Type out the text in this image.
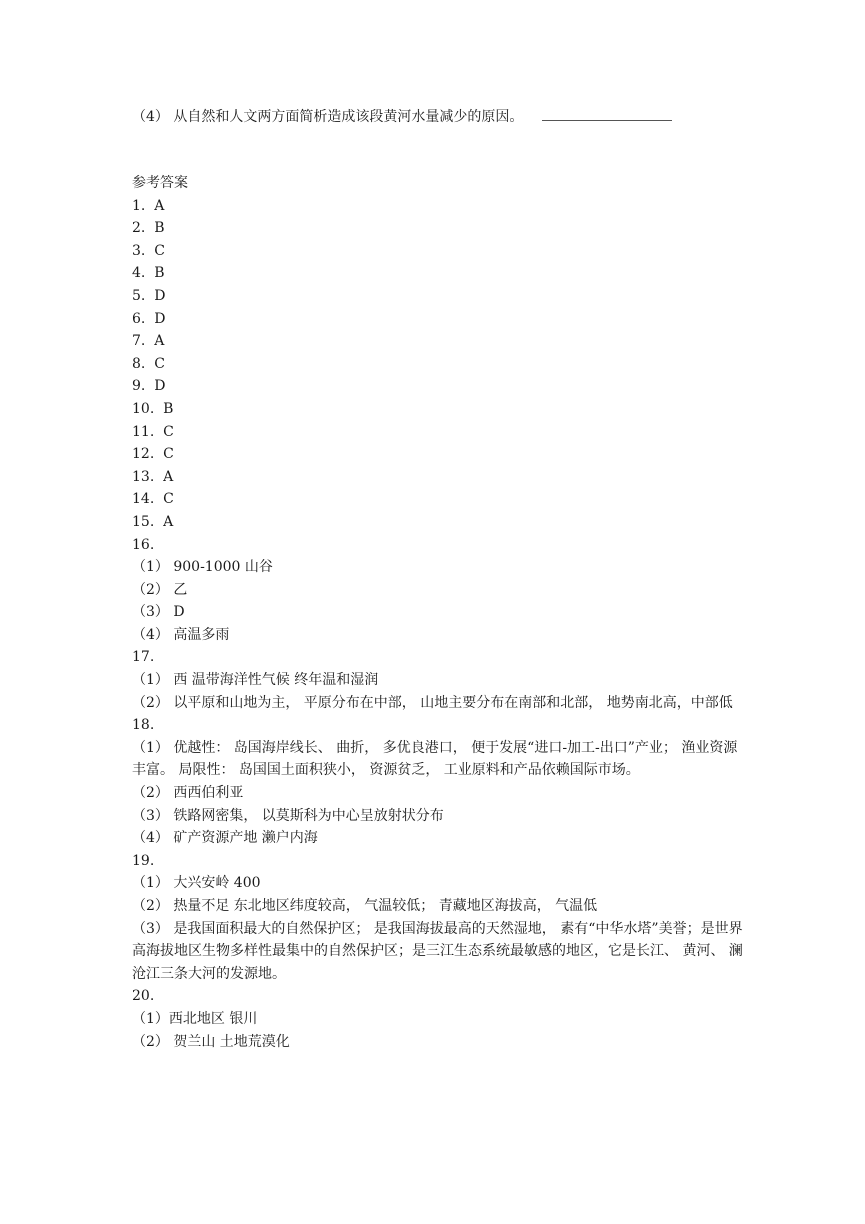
（4） 从自然和人文两方面简析造成该段黄河水量减少的原因。
参考答案
1.  A
2.  B
3.  C
4.  B
5.  D
6.  D
7.  A
8.  C
9.  D
10.  B
11.  C
12.  C
13.  A
14.  C
15.  A
16.
（1） 900-1000 山谷
（2） 乙
（3） D
（4） 高温多雨
17.
（1） 西 温带海洋性气候 终年温和湿润
（2） 以平原和山地为主， 平原分布在中部， 山地主要分布在南部和北部， 地势南北高，中部低
18.
（1） 优越性： 岛国海岸线长、 曲折， 多优良港口， 便于发展“进口-加工-出口”产业； 渔业资源丰富。 局限性： 岛国国土面积狭小， 资源贫乏， 工业原料和产品依赖国际市场。
（2） 西西伯利亚
（3） 铁路网密集， 以莫斯科为中心呈放射状分布
（4） 矿产资源产地 濑户内海
19.
（1） 大兴安岭 400
（2） 热量不足 东北地区纬度较高， 气温较低； 青藏地区海拔高， 气温低
（3） 是我国面积最大的自然保护区； 是我国海拔最高的天然湿地， 素有“中华水塔”美誉；是世界高海拔地区生物多样性最集中的自然保护区；是三江生态系统最敏感的地区，它是长江、 黄河、 澜沧江三条大河的发源地。
20.
（1）西北地区 银川
（2） 贺兰山 土地荒漠化
